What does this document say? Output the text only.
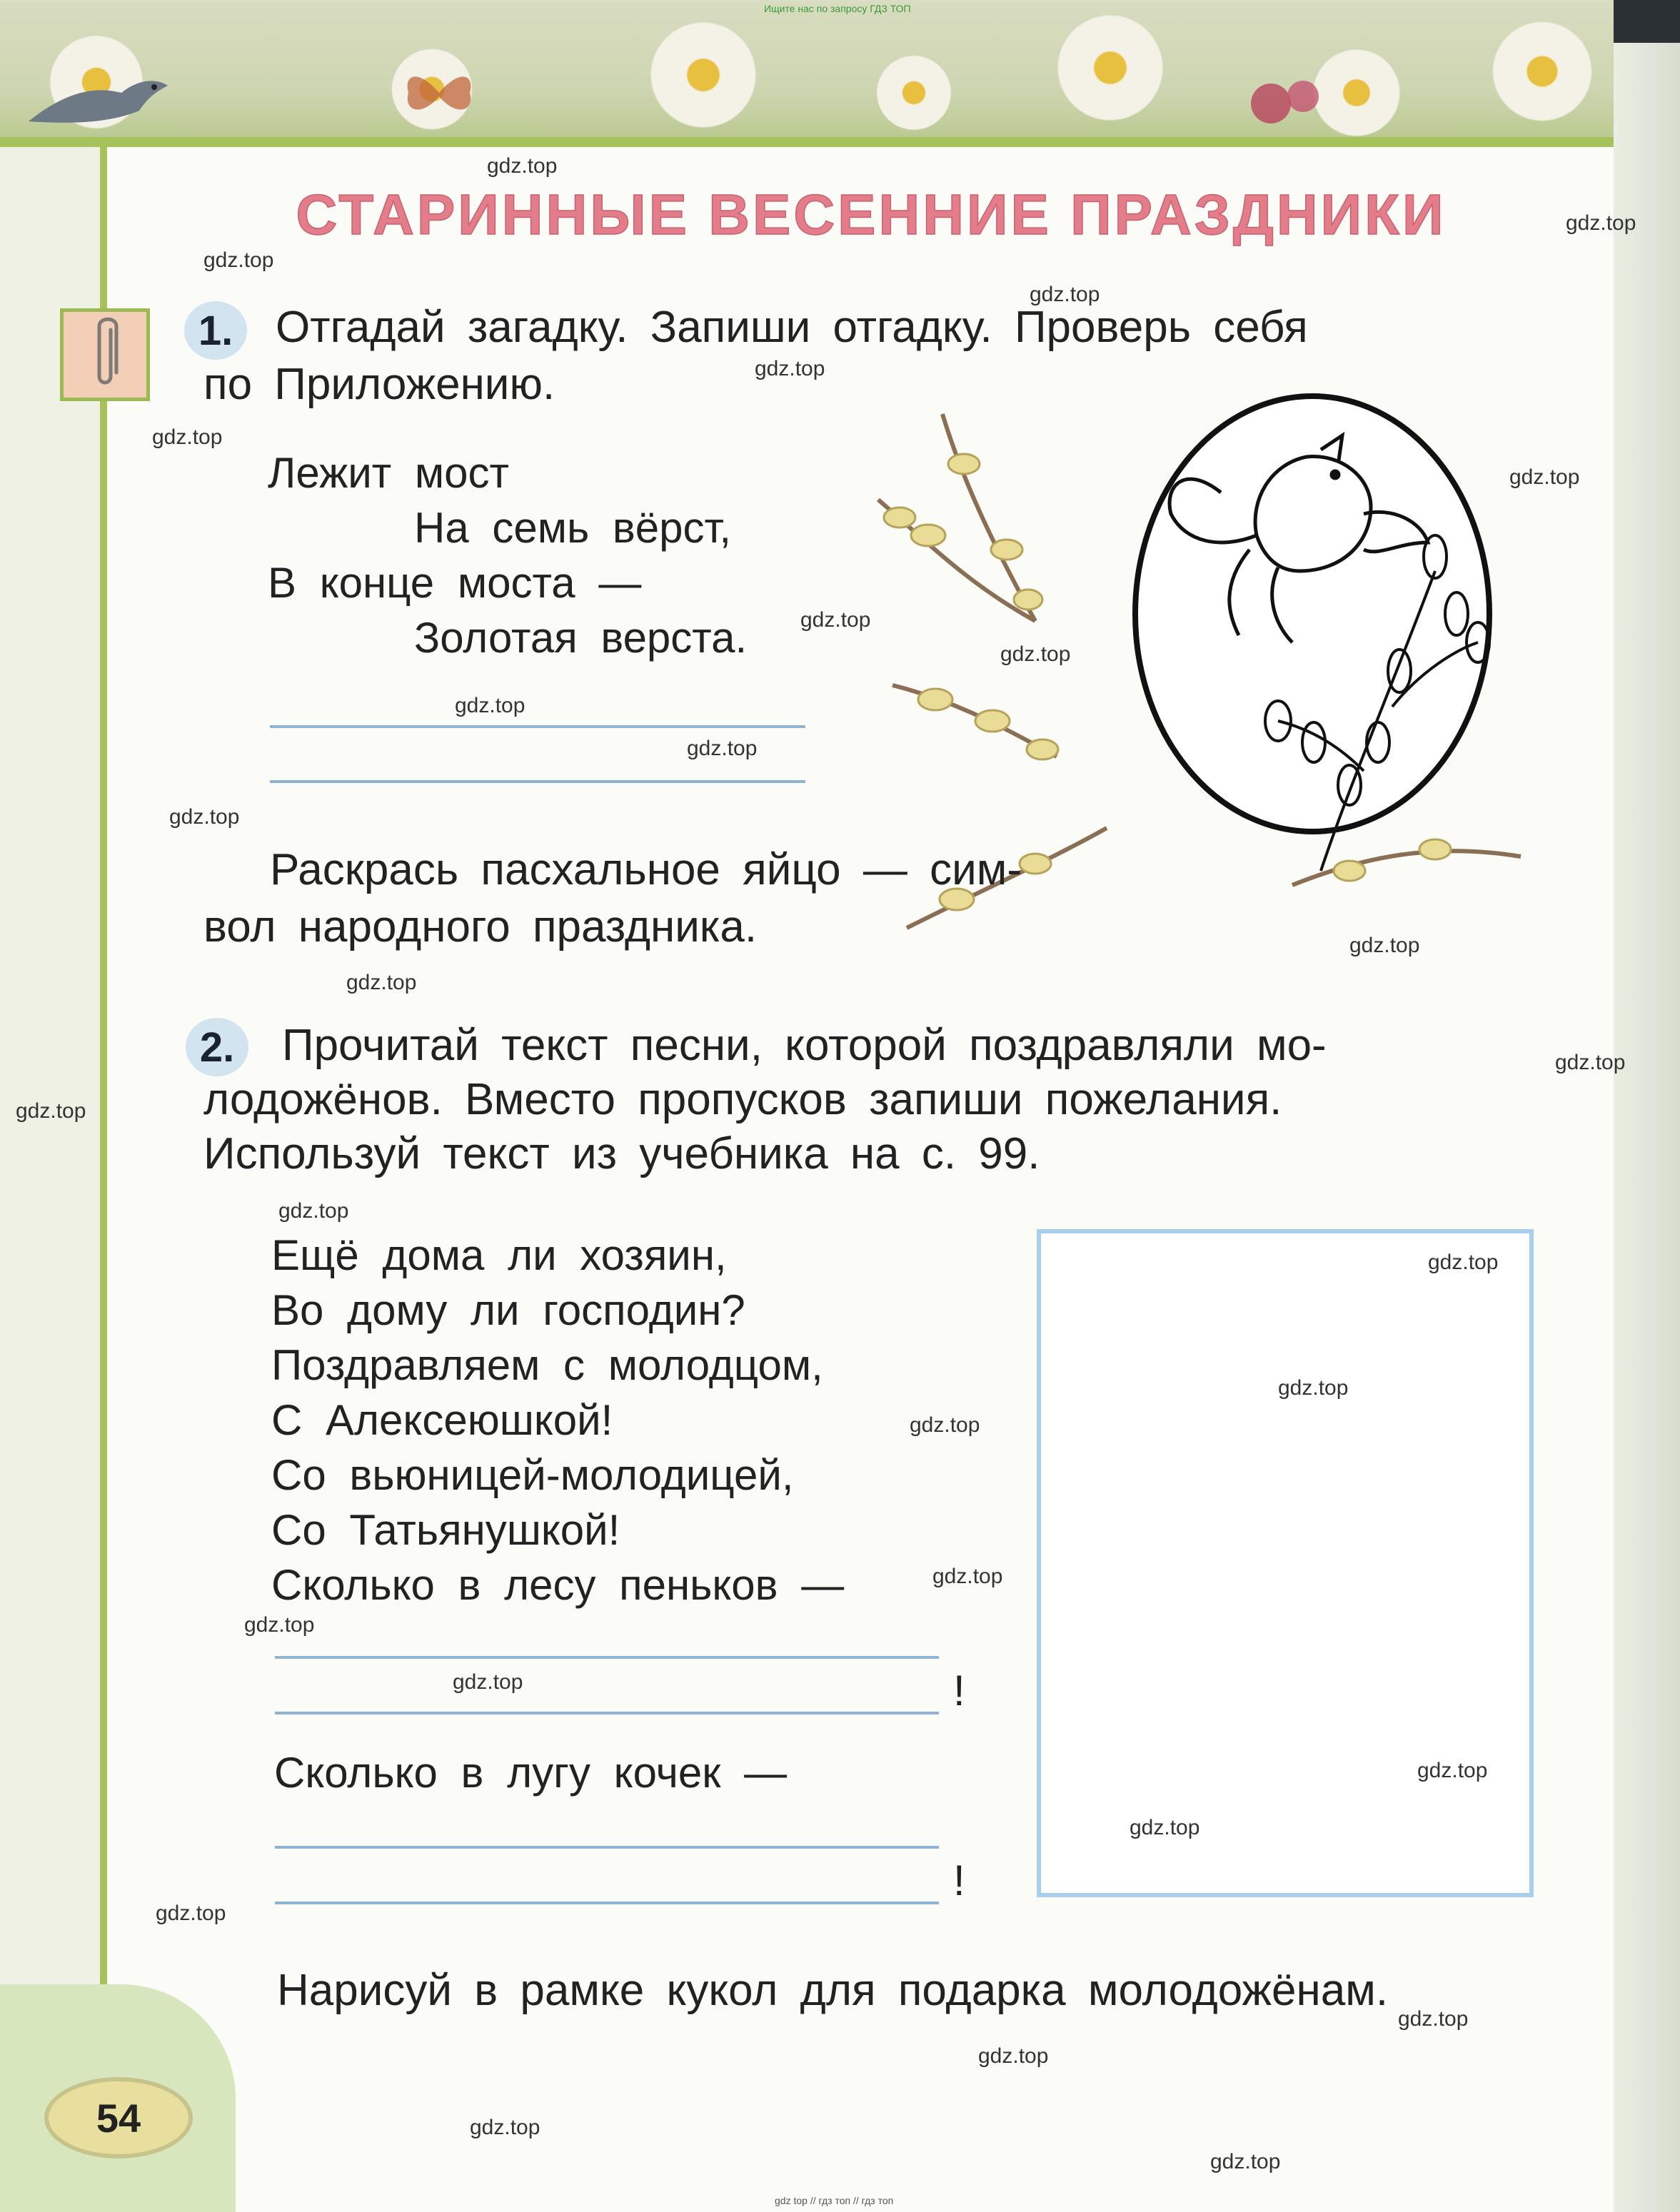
Ищите нас по запросу ГДЗ ТОП
СТАРИННЫЕ ВЕСЕННИЕ ПРАЗДНИКИ
1. Отгадай загадку. Запиши отгадку. Проверь себя
по Приложению.
Лежит мост
На семь вёрст,
В конце моста —
Золотая верста.
Раскрась пасхальное яйцо — сим-
вол народного праздника.
2.	Прочитай текст песни, которой поздравляли мо-
лодожёнов. Вместо пропусков запиши пожелания.
Используй текст из учебника на с. 99.
Ещё дома ли хозяин,
Во дому ли господин?
Поздравляем с молодцом,
С Алексеюшкой!
Со вьюницей-молодицей,
Со Татьянушкой!
Сколько в лесу пеньков —
!
Сколько в лугу кочек —
!
Нарисуй в рамке кукол для подарка молодожёнам.
54
gdz.top
gdz.top
gdz.top
gdz.top
gdz.top
gdz.top
gdz.top
gdz.top
gdz.top
gdz.top
gdz.top
gdz.top
gdz.top
gdz.top
gdz.top
gdz.top
gdz.top
gdz.top
gdz.top
gdz.top
gdz.top
gdz.top
gdz.top
gdz.top
gdz.top
gdz.top
gdz.top
gdz.top
gdz.top
gdz.top
gdz top // гдз топ // гдз топ
